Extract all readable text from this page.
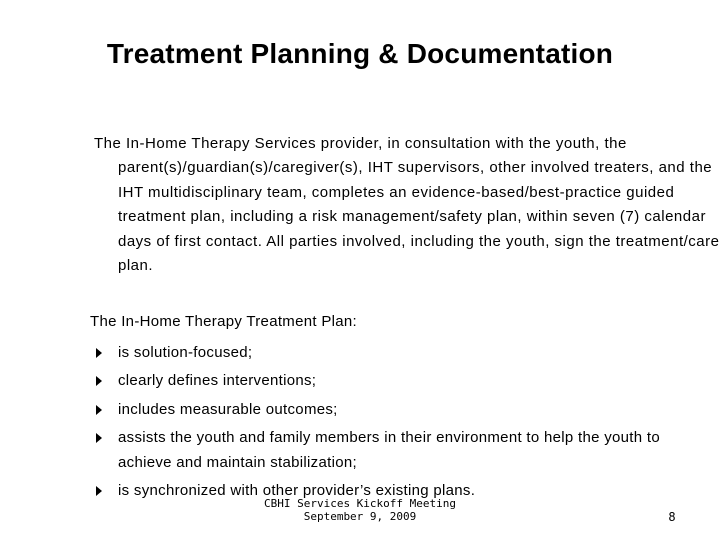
Treatment Planning & Documentation
The In-Home Therapy Services provider, in consultation with the youth, the parent(s)/guardian(s)/caregiver(s), IHT supervisors, other involved treaters, and the IHT multidisciplinary team, completes an evidence-based/best-practice guided treatment plan, including a risk management/safety plan, within seven (7) calendar days of first contact. All parties involved, including the youth, sign the treatment/care plan.
The In-Home Therapy Treatment Plan:
is solution-focused;
clearly defines interventions;
includes measurable outcomes;
assists the youth and family members in their environment to help the youth to achieve and maintain stabilization;
is synchronized with other provider’s existing plans.
CBHI Services Kickoff Meeting
September 9, 2009	8
